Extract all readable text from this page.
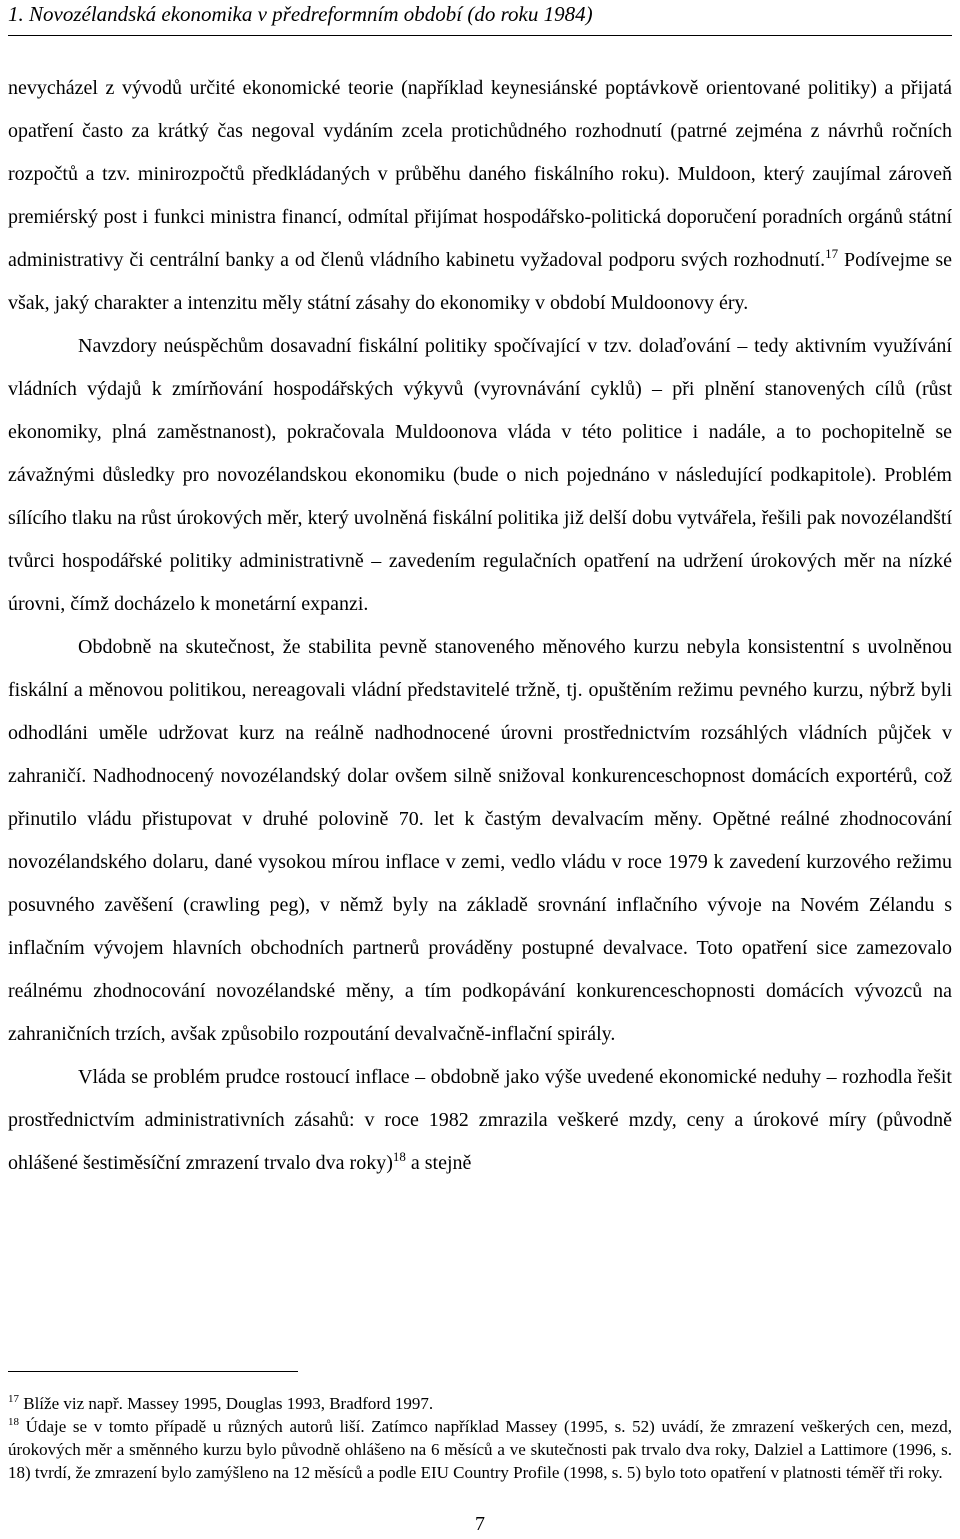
1. Novozélandská ekonomika v předreformním období (do roku 1984)

nevycházel z vývodů určité ekonomické teorie (například keynesiánské poptávkově orientované politiky) a přijatá opatření často za krátký čas negoval vydáním zcela protichůdného rozhodnutí (patrné zejména z návrhů ročních rozpočtů a tzv. minirozpočtů předkládaných v průběhu daného fiskálního roku). Muldoon, který zaujímal zároveň premiérský post i funkci ministra financí, odmítal přijímat hospodářsko-politická doporučení poradních orgánů státní administrativy či centrální banky a od členů vládního kabinetu vyžadoval podporu svých rozhodnutí.$^{17}$ Podívejme se však, jaký charakter a intenzitu měly státní zásahy do ekonomiky v období Muldoonovy éry.

Navzdory neúspěchům dosavadní fiskální politiky spočívající v tzv. dolaďování – tedy aktivním využívání vládních výdajů k zmírňování hospodářských výkyvů (vyrovnávání cyklů) – při plnění stanovených cílů (růst ekonomiky, plná zaměstnanost), pokračovala Muldoonova vláda v této politice i nadále, a to pochopitelně se závažnými důsledky pro novozélandskou ekonomiku (bude o nich pojednáno v následující podkapitole). Problém sílícího tlaku na růst úrokových měr, který uvolněná fiskální politika již delší dobu vytvářela, řešili pak novozélandští tvůrci hospodářské politiky administrativně – zavedením regulačních opatření na udržení úrokových měr na nízké úrovni, čímž docházelo k monetární expanzi.

Obdobně na skutečnost, že stabilita pevně stanoveného měnového kurzu nebyla konsistentní s uvolněnou fiskální a měnovou politikou, nereagovali vládní představitelé tržně, tj. opuštěním režimu pevného kurzu, nýbrž byli odhodláni uměle udržovat kurz na reálně nadhodnocené úrovni prostřednictvím rozsáhlých vládních půjček v zahraničí. Nadhodnocený novozélandský dolar ovšem silně snižoval konkurenceschopnost domácích exportérů, což přinutilo vládu přistupovat v druhé polovině 70. let k častým devalvacím měny. Opětné reálné zhodnocování novozélandského dolaru, dané vysokou mírou inflace v zemi, vedlo vládu v roce 1979 k zavedení kurzového režimu posuvného zavěšení (crawling peg), v němž byly na základě srovnání inflačního vývoje na Novém Zélandu s inflačním vývojem hlavních obchodních partnerů prováděny postupné devalvace. Toto opatření sice zamezovalo reálnému zhodnocování novozélandské měny, a tím podkopávání konkurenceschopnosti domácích vývozců na zahraničních trzích, avšak způsobilo rozpoutání devalvačně-inflační spirály.

Vláda se problém prudce rostoucí inflace – obdobně jako výše uvedené ekonomické neduhy – rozhodla řešit prostřednictvím administrativních zásahů: v roce 1982 zmrazila veškeré mzdy, ceny a úrokové míry (původně ohlášené šestiměsíční zmrazení trvalo dva roky)$^{18}$ a stejně

$^{17}$ Blíže viz např. Massey 1995, Douglas 1993, Bradford 1997.

$^{18}$ Údaje se v tomto případě u různých autorů liší. Zatímco například Massey (1995, s. 52) uvádí, že zmrazení veškerých cen, mezd, úrokových měr a směnného kurzu bylo původně ohlášeno na 6 měsíců a ve skutečnosti pak trvalo dva roky, Dalziel a Lattimore (1996, s. 18) tvrdí, že zmrazení bylo zamýšleno na 12 měsíců a podle EIU Country Profile (1998, s. 5) bylo toto opatření v platnosti téměř tři roky.

7
